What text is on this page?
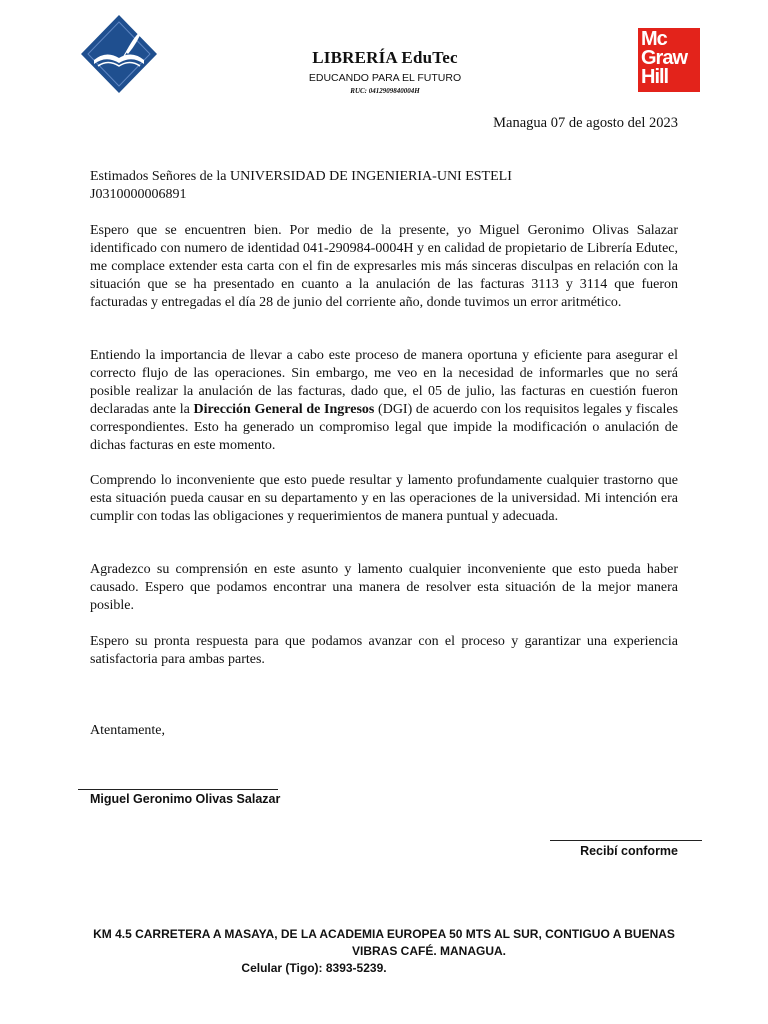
Mc
Graw
Hill
LIBRERÍA EduTec
EDUCANDO PARA EL FUTURO
RUC: 0412909840004H
Managua 07 de agosto del 2023
Estimados Señores de la UNIVERSIDAD DE INGENIERIA-UNI ESTELI
J0310000006891
Espero que se encuentren bien. Por medio de la presente, yo Miguel Geronimo Olivas Salazar identificado con numero de identidad 041-290984-0004H y en calidad de propietario de Librería Edutec, me complace extender esta carta con el fin de expresarles mis más sinceras disculpas en relación con la situación que se ha presentado en cuanto a la anulación de las facturas 3113 y 3114 que fueron facturadas y entregadas el día 28 de junio del corriente año, donde tuvimos un error aritmético.
Entiendo la importancia de llevar a cabo este proceso de manera oportuna y eficiente para asegurar el correcto flujo de las operaciones. Sin embargo, me veo en la necesidad de informarles que no será posible realizar la anulación de las facturas, dado que, el 05 de julio, las facturas en cuestión fueron declaradas ante la Dirección General de Ingresos (DGI) de acuerdo con los requisitos legales y fiscales correspondientes. Esto ha generado un compromiso legal que impide la modificación o anulación de dichas facturas en este momento.
Comprendo lo inconveniente que esto puede resultar y lamento profundamente cualquier trastorno que esta situación pueda causar en su departamento y en las operaciones de la universidad. Mi intención era cumplir con todas las obligaciones y requerimientos de manera puntual y adecuada.
Agradezco su comprensión en este asunto y lamento cualquier inconveniente que esto pueda haber causado. Espero que podamos encontrar una manera de resolver esta situación de la mejor manera posible.
Espero su pronta respuesta para que podamos avanzar con el proceso y garantizar una experiencia satisfactoria para ambas partes.
Atentamente,
Miguel Geronimo Olivas Salazar
Recibí conforme
KM 4.5 CARRETERA A MASAYA, DE LA ACADEMIA EUROPEA 50 MTS AL SUR, CONTIGUO A BUENAS
VIBRAS CAFÉ. MANAGUA.
Celular (Tigo): 8393-5239.
